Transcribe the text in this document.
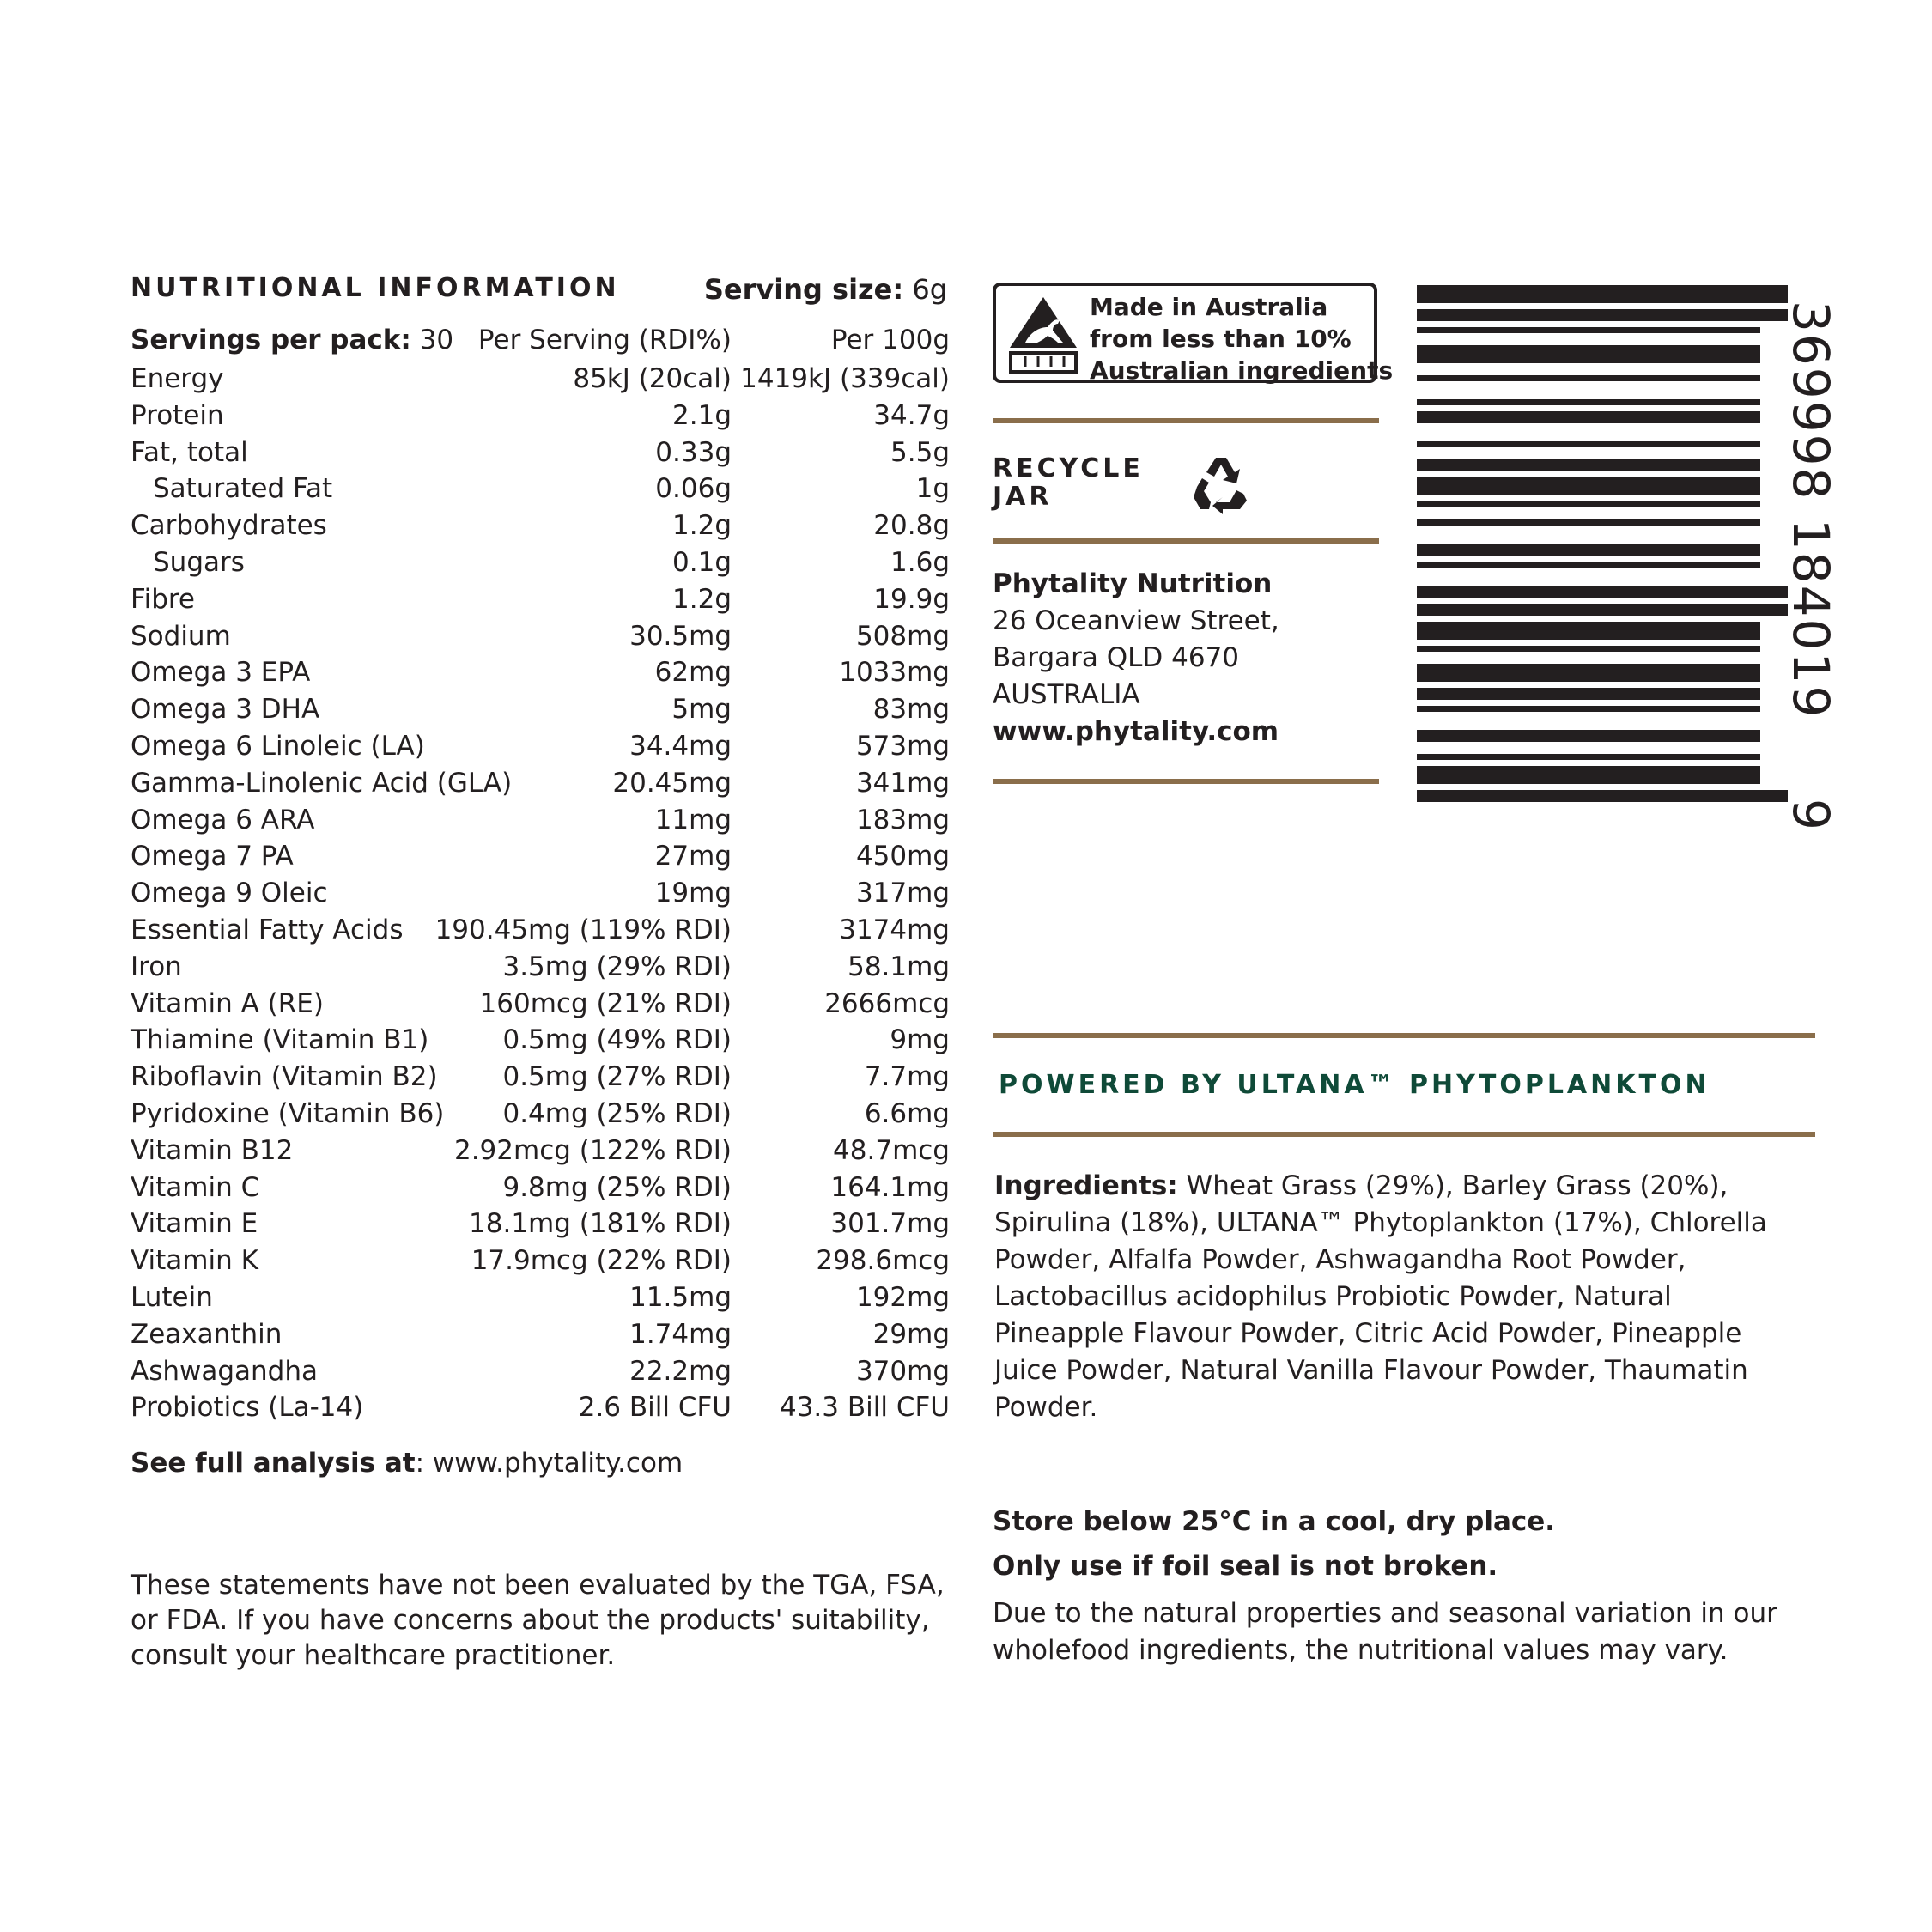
NUTRITIONAL INFORMATION	Serving size: 6g
Servings per pack: 30 Per Serving (RDI%)	Per 100g
Energy	85kJ (20cal) 1419kJ (339cal)
Protein	2.1g	34.7g
Fat, total	0.33g	5.5g
Saturated Fat	0.06g	1g
Carbohydrates	1.2g	20.8g
Sugars	0.1g	1.6g
Fibre	1.2g	19.9g
Sodium	30.5mg	508mg
Omega 3 EPA	62mg	1033mg
Omega 3 DHA	5mg	83mg
Omega 6 Linoleic (LA)	34.4mg	573mg
Gamma-Linolenic Acid (GLA)	20.45mg	341mg
Omega 6 ARA	11mg	183mg
Omega 7 PA	27mg	450mg
Omega 9 Oleic	19mg	317mg
Essential Fatty Acids 190.45mg (119% RDI)	3174mg
Iron	3.5mg (29% RDI)	58.1mg
Vitamin A (RE)	160mcg (21% RDI)	2666mcg
Thiamine (Vitamin B1)	0.5mg (49% RDI)	9mg
Riboflavin (Vitamin B2) 0.5mg (27% RDI)	7.7mg
Pyridoxine (Vitamin B6) 0.4mg (25% RDI)	6.6mg
Vitamin B12	2.92mcg (122% RDI)	48.7mcg
Vitamin C	9.8mg (25% RDI)	164.1mg
Vitamin E	18.1mg (181% RDI)	301.7mg
Vitamin K	17.9mcg (22% RDI)	298.6mcg
Lutein	11.5mg	192mg
Zeaxanthin	1.74mg	29mg
Ashwagandha	22.2mg	370mg
Probiotics (La-14)	2.6 Bill CFU 43.3 Bill CFU
See full analysis at: www.phytality.com
These statements have not been evaluated by the TGA, FSA, or FDA. If you have concerns about the products' suitability, consult your healthcare practitioner.
Made in Australia
from less than 10%
Australian ingredients
RECYCLE
JAR
Phytality Nutrition
26 Oceanview Street,
Bargara QLD 4670
AUSTRALIA
www.phytality.com
POWERED BY ULTANA™ PHYTOPLANKTON
Ingredients: Wheat Grass (29%), Barley Grass (20%), Spirulina (18%), ULTANA™ Phytoplankton (17%), Chlorella Powder, Alfalfa Powder, Ashwagandha Root Powder, Lactobacillus acidophilus Probiotic Powder, Natural Pineapple Flavour Powder, Citric Acid Powder, Pineapple Juice Powder, Natural Vanilla Flavour Powder, Thaumatin Powder.
Store below 25°C in a cool, dry place.
Only use if foil seal is not broken.
Due to the natural properties and seasonal variation in our wholefood ingredients, the nutritional values may vary.
369998 184019
9
